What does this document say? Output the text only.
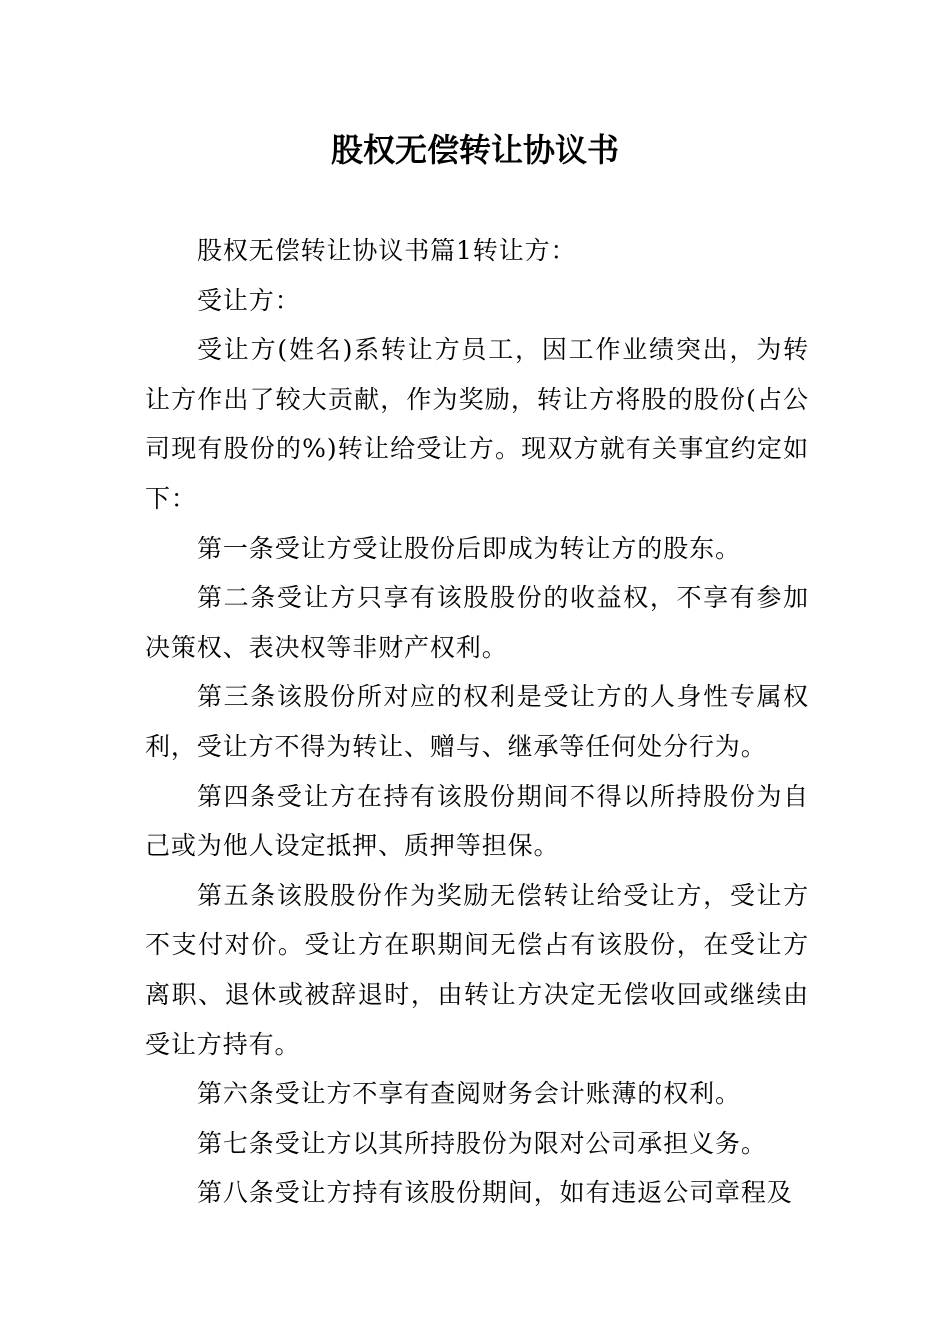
股权无偿转让协议书

股权无偿转让协议书篇1转让方：

受让方：

受让方(姓名)系转让方员工，因工作业绩突出，为转让方作出了较大贡献，作为奖励，转让方将股的股份(占公司现有股份的%)转让给受让方。现双方就有关事宜约定如下：

第一条受让方受让股份后即成为转让方的股东。

第二条受让方只享有该股股份的收益权，不享有参加决策权、表决权等非财产权利。

第三条该股份所对应的权利是受让方的人身性专属权利，受让方不得为转让、赠与、继承等任何处分行为。

第四条受让方在持有该股份期间不得以所持股份为自己或为他人设定抵押、质押等担保。

第五条该股股份作为奖励无偿转让给受让方，受让方不支付对价。受让方在职期间无偿占有该股份，在受让方离职、退休或被辞退时，由转让方决定无偿收回或继续由受让方持有。

第六条受让方不享有查阅财务会计账薄的权利。

第七条受让方以其所持股份为限对公司承担义务。

第八条受让方持有该股份期间，如有违返公司章程及
